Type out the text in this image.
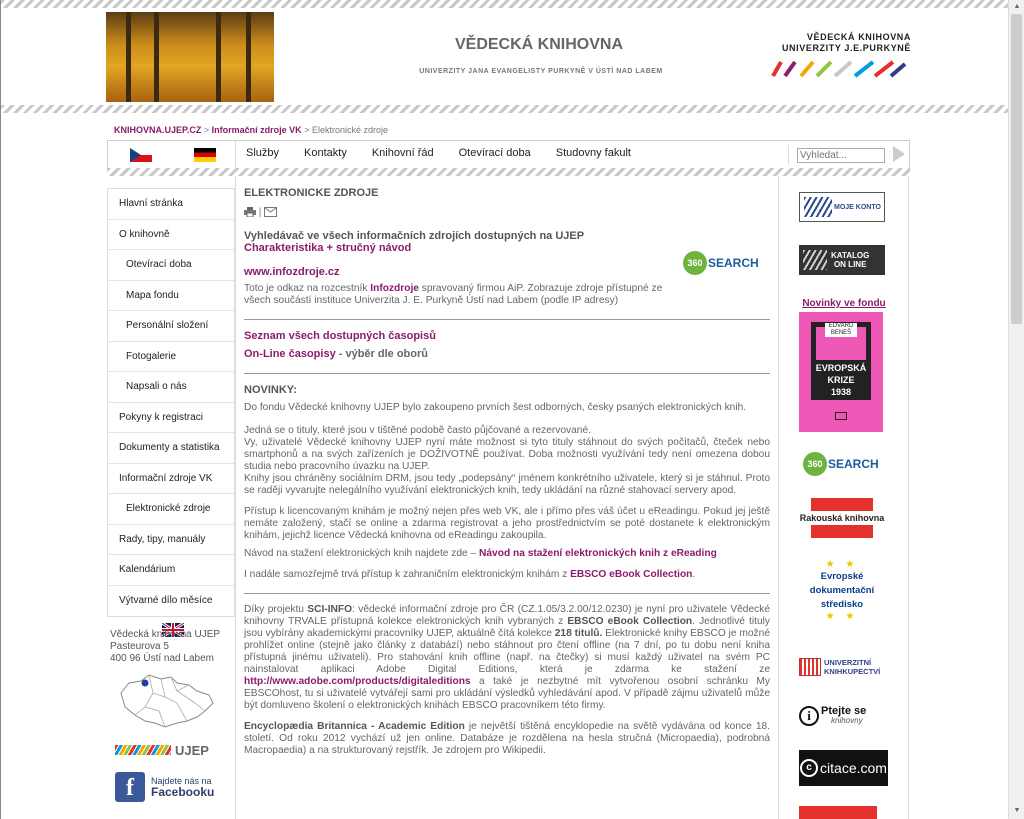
VĚDECKÁ KNIHOVNA
UNIVERZITY JANA EVANGELISTY PURKYNĚ V ÚSTÍ NAD LABEM
VĚDECKÁ KNIHOVNA
UNIVERZITY J.E.PURKYNĚ
KNIHOVNA.UJEP.CZ > Informační zdroje VK > Elektronické zdroje
Služby Kontakty Knihovní řád Otevírací doba Studovny fakult
Vyhledat...
Hlavní stránka
O knihovně
Otevírací doba
Mapa fondu
Personální složení
Fotogalerie
Napsali o nás
Pokyny k registraci
Dokumenty a statistika
Informační zdroje VK
Elektronické zdroje
Rady, tipy, manuály
Kalendárium
Výtvarné dílo měsíce
Vědecká knihovna UJEP
Pasteurova 5
400 96 Ústí nad Labem
UJEP
f	Najdete nás na
Facebooku
ELEKTRONICKE ZDROJE
|
Vyhledávač ve všech informačních zdrojích dostupných na UJEP
Charakteristika + stručný návod
www.infozdroje.cz

Toto je odkaz na rozcestník Infozdroje spravovaný firmou AiP. Zobrazuje zdroje přístupné ze všech součástí instituce Univerzita J. E. Purkyně Ústí nad Labem (podle IP adresy)

360 SEARCH
Seznam všech dostupných časopisů
On-Line časopisy - výběr dle oborů
NOVINKY:

Do fondu Vědecké knihovny UJEP bylo zakoupeno prvních šest odborných, česky psaných elektronických knih.

Jedná se o tituly, které jsou v tištěné podobě často půjčované a rezervované.

Vy, uživatelé Vědecké knihovny UJEP nyní máte možnost si tyto tituly stáhnout do svých počítačů, čteček nebo smartphonů a na svých zařízeních je DOŽIVOTNĚ používat. Doba možnosti využívání tedy není omezena dobou studia nebo pracovního úvazku na UJEP.

Knihy jsou chráněny sociálním DRM, jsou tedy „podepsány“ jménem konkrétního uživatele, který si je stáhnul. Proto se raději vyvarujte nelegálního využívání elektronických knih, tedy ukládání na různé stahovací servery apod.

Přístup k licencovaným knihám je možný nejen přes web VK, ale i přímo přes váš účet u eReadingu. Pokud jej ještě nemáte založený, stačí se online a zdarma registrovat a jeho prostřednictvím se poté dostanete k elektronickým knihám, jejichž licence Vědecká knihovna od eReadingu zakoupila.

Návod na stažení elektronických knih najdete zde – Návod na stažení elektronických knih z eReading

I nadále samozřejmě trvá přístup k zahraničním elektronickým knihám z EBSCO eBook Collection.

Díky projektu SCI-INFO: vědecké informační zdroje pro ČR (CZ.1.05/3.2.00/12.0230) je nyní pro uživatele Vědecké knihovny TRVALE přístupná kolekce elektronických knih vybraných z EBSCO eBook Collection. Jednotlivé tituly jsou vybírány akademickými pracovníky UJEP, aktuálně čítá kolekce 218 titulů. Elektronické knihy EBSCO je možné prohlížet online (stejně jako články z databází) nebo stáhnout pro čtení offline (na 7 dní, po tu dobu není kniha přístupná jinému uživateli). Pro stahování knih offline (např. na čtečky) si musí každý uživatel na svém PC nainstalovat aplikaci Adobe Digital Editions, která je zdarma ke stažení ze http://www.adobe.com/products/digitaleditions a také je nezbytné mít vytvořenou osobní schránku My EBSCOhost, tu si uživatelé vytvářejí sami pro ukládání výsledků vyhledávání apod. V případě zájmu uživatelů může být domluveno školení o elektronických knihách EBSCO pracovníkem této firmy.

Encyclopædia Britannica - Academic Edition je největší tištěná encyklopedie na světě vydávána od konce 18. století. Od roku 2012 vychází už jen online. Databáze je rozdělena na hesla stručná (Micropaedia), podrobná Macropaedia) a na strukturovaný rejstřík. Je zdrojem pro Wikipedii.

MOJE KONTO
KATALOG
ON LINE
Novinky ve fondu
EDVARD
BENEŠ
EVROPSKÁ
KRIZE
1938
360 SEARCH
Rakouská knihovna
★ ★
Evropské
dokumentační
středisko
★ ★
UNIVERZITNÍ
KNIHKUPECTVÍ
i Ptejte se
knihovny
c citace.com
▲
▼
